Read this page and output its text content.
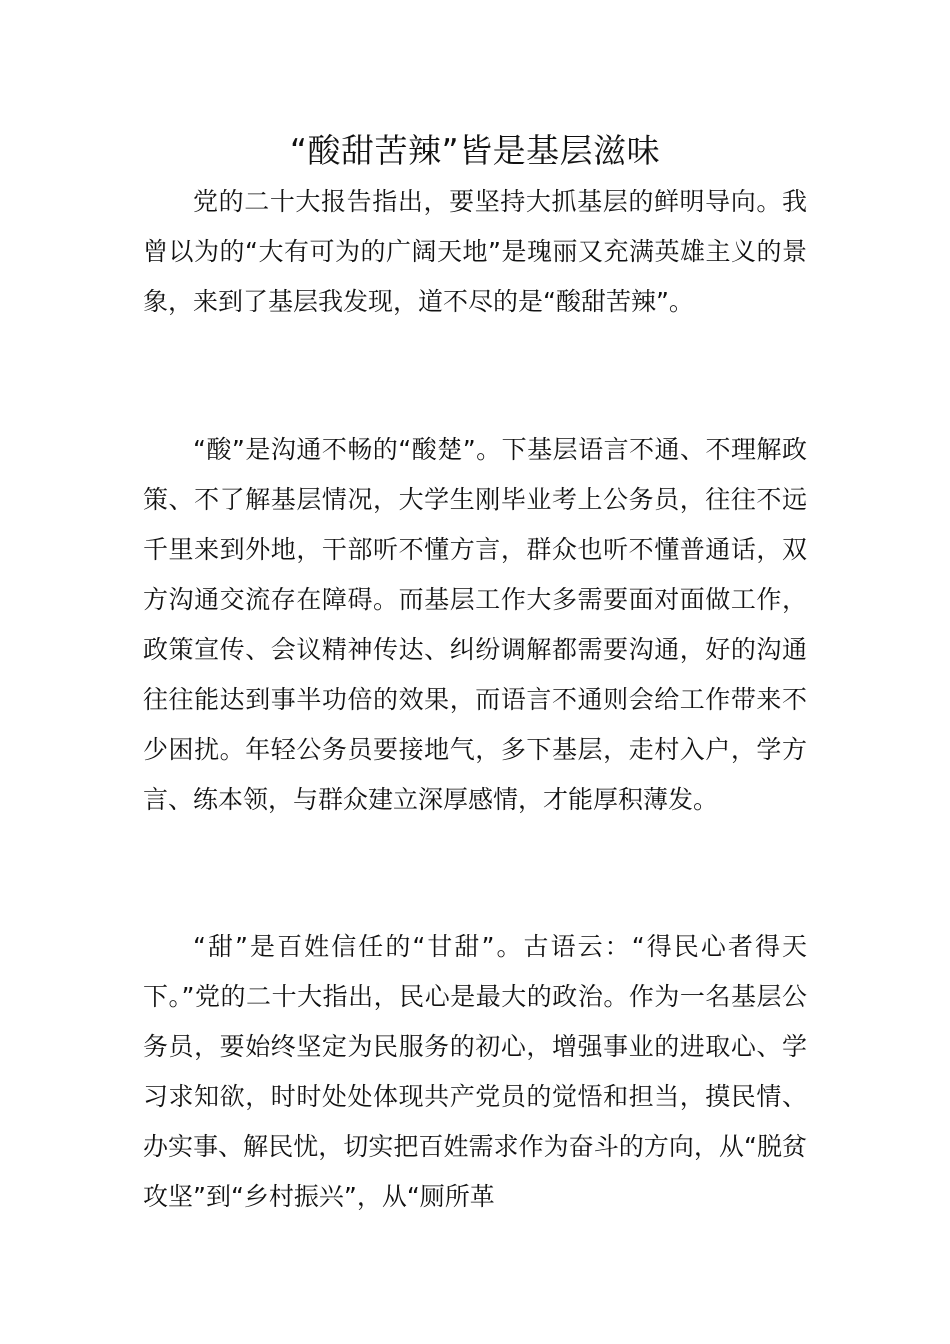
“酸甜苦辣”皆是基层滋味

党的二十大报告指出，要坚持大抓基层的鲜明导向。我曾以为的“大有可为的广阔天地”是瑰丽又充满英雄主义的景象，来到了基层我发现，道不尽的是“酸甜苦辣”。

“酸”是沟通不畅的“酸楚”。下基层语言不通、不理解政策、不了解基层情况，大学生刚毕业考上公务员，往往不远千里来到外地，干部听不懂方言，群众也听不懂普通话，双方沟通交流存在障碍。而基层工作大多需要面对面做工作，政策宣传、会议精神传达、纠纷调解都需要沟通，好的沟通往往能达到事半功倍的效果，而语言不通则会给工作带来不少困扰。年轻公务员要接地气，多下基层，走村入户，学方言、练本领，与群众建立深厚感情，才能厚积薄发。

“甜”是百姓信任的“甘甜”。古语云：“得民心者得天下。”党的二十大指出，民心是最大的政治。作为一名基层公务员，要始终坚定为民服务的初心，增强事业的进取心、学习求知欲，时时处处体现共产党员的觉悟和担当，摸民情、办实事、解民忧，切实把百姓需求作为奋斗的方向，从“脱贫攻坚”到“乡村振兴”，从“厕所革
